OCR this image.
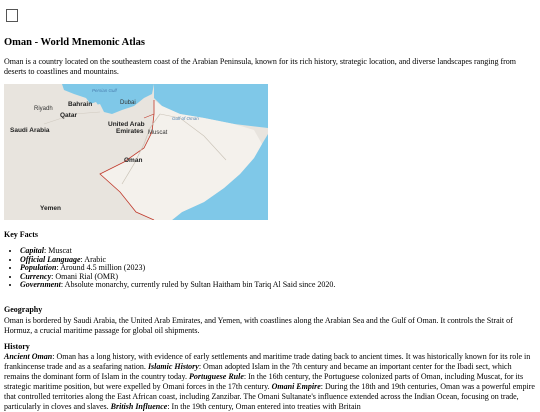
Oman - World Mnemonic Atlas

Oman is a country located on the southeastern coast of the Arabian Peninsula, known for its rich history, strategic location, and diverse landscapes ranging from deserts to coastlines and mountains.

Persian Gulf
Riyadh
Bahrain	Dubai
Qatar	Gulf of Oman
United Arab
Emirates Muscat
Saudi Arabia
Oman
Yemen
Key Facts
• Capital: Muscat
• Official Language: Arabic
• Population: Around 4.5 million (2023)
• Currency: Omani Rial (OMR)
• Government: Absolute monarchy, currently ruled by Sultan Haitham bin Tariq Al Said since 2020.
Geography

Oman is bordered by Saudi Arabia, the United Arab Emirates, and Yemen, with coastlines along the Arabian Sea and the Gulf of Oman. It controls the Strait of Hormuz, a crucial maritime passage for global oil shipments.

History

Ancient Oman: Oman has a long history, with evidence of early settlements and maritime trade dating back to ancient times. It was historically known for its role in frankincense trade and as a seafaring nation. Islamic History: Oman adopted Islam in the 7th century and became an important center for the Ibadi sect, which remains the dominant form of Islam in the country today. Portuguese Rule: In the 16th century, the Portuguese colonized parts of Oman, including Muscat, for its strategic maritime position, but were expelled by Omani forces in the 17th century. Omani Empire: During the 18th and 19th centuries, Oman was a powerful empire that controlled territories along the East African coast, including Zanzibar. The Omani Sultanate's influence extended across the Indian Ocean, focusing on trade, particularly in cloves and slaves. British Influence: In the 19th century, Oman entered into treaties with Britain
